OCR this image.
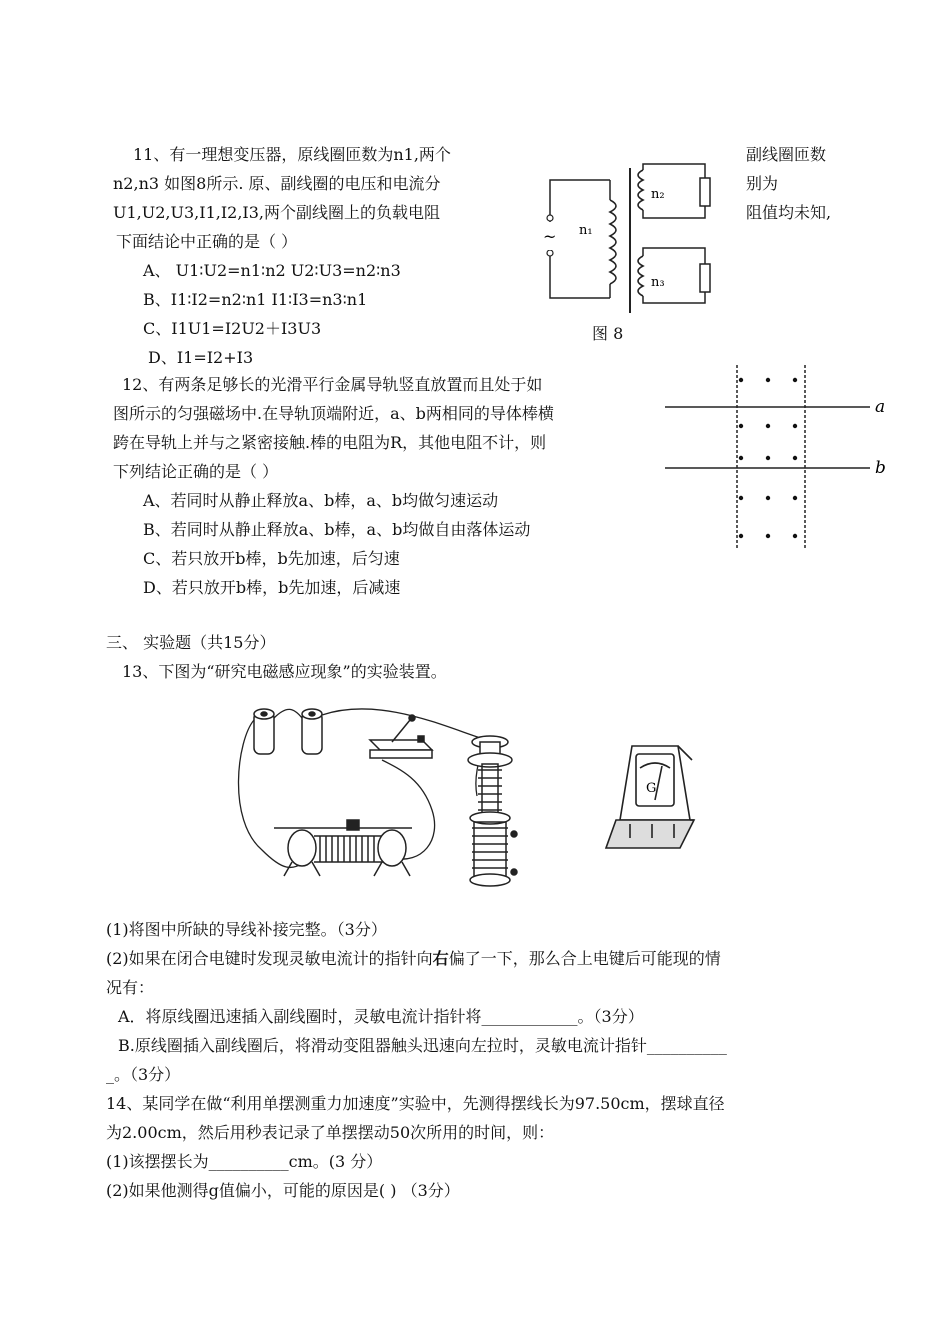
11、有一理想变压器，原线圈匝数为n1,两个	副线圈匝数
n2,n3 如图8所示. 原、副线圈的电压和电流分	别为
U1,U2,U3,I1,I2,I3,两个副线圈上的负载电阻	阻值均未知,
下面结论中正确的是（ ）
A、 U1∶U2=n1∶n2 U2∶U3=n2∶n3
B、I1∶I2=n2∶n1 I1∶I3=n3∶n1
C、I1U1=I2U2＋I3U3
D、I1=I2+I3
~ n₁
n₂
n₃
图 8
12、有两条足够长的光滑平行金属导轨竖直放置而且处于如
图所示的匀强磁场中.在导轨顶端附近，a、b两相同的导体棒横
跨在导轨上并与之紧密接触.棒的电阻为R，其他电阻不计，则
下列结论正确的是（ ）
A、若同时从静止释放a、b棒，a、b均做匀速运动
B、若同时从静止释放a、b棒，a、b均做自由落体运动
C、若只放开b棒，b先加速，后匀速
D、若只放开b棒，b先加速，后减速
a
b
三、 实验题（共15分）
13、下图为“研究电磁感应现象”的实验装置。
G
(1)将图中所缺的导线补接完整。（3分）
(2)如果在闭合电键时发现灵敏电流计的指针向右偏了一下，那么合上电键后可能现的情
况有：
A．将原线圈迅速插入副线圈时，灵敏电流计指针将____________。（3分）
B.原线圈插入副线圈后，将滑动变阻器触头迅速向左拉时，灵敏电流计指针__________
_。（3分）
14、某同学在做“利用单摆测重力加速度”实验中，先测得摆线长为97.50cm，摆球直径
为2.00cm，然后用秒表记录了单摆摆动50次所用的时间，则：
(1)该摆摆长为__________cm。(3 分）
(2)如果他测得g值偏小，可能的原因是( ) （3分）
